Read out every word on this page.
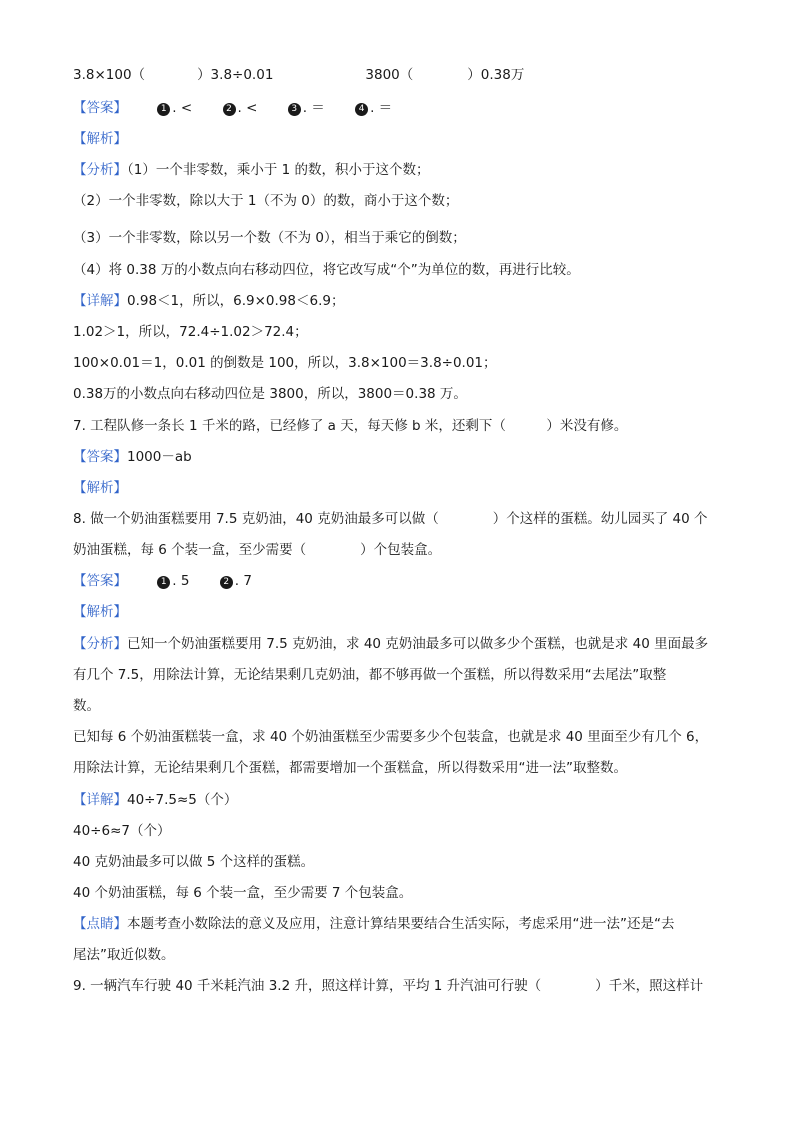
3.8×100（	）3.8÷0.01	3800（	）0.38万
【答案】	1 . <	2 . <	3 . ＝	4 . ＝
【解析】
【分析】（1）一个非零数，乘小于 1 的数，积小于这个数；
（2）一个非零数，除以大于 1（不为 0）的数，商小于这个数；
（3）一个非零数，除以另一个数（不为 0），相当于乘它的倒数；
（4）将 0.38 万的小数点向右移动四位，将它改写成“个”为单位的数，再进行比较。
【详解】0.98＜1，所以，6.9×0.98＜6.9；
1.02＞1，所以，72.4÷1.02＞72.4；
100×0.01＝1，0.01 的倒数是 100，所以，3.8×100＝3.8÷0.01；
0.38万的小数点向右移动四位是 3800，所以，3800＝0.38 万。
7. 工程队修一条长 1 千米的路，已经修了 a 天，每天修 b 米，还剩下（　　　）米没有修。
【答案】1000－ab
【解析】
8. 做一个奶油蛋糕要用 7.5 克奶油，40 克奶油最多可以做（　　　　）个这样的蛋糕。幼儿园买了 40 个
奶油蛋糕，每 6 个装一盒，至少需要（　　　　）个包装盒。
【答案】	1 . 5	2 . 7
【解析】
【分析】已知一个奶油蛋糕要用 7.5 克奶油，求 40 克奶油最多可以做多少个蛋糕，也就是求 40 里面最多
有几个 7.5，用除法计算，无论结果剩几克奶油，都不够再做一个蛋糕，所以得数采用“去尾法”取整
数。
已知每 6 个奶油蛋糕装一盒，求 40 个奶油蛋糕至少需要多少个包装盒，也就是求 40 里面至少有几个 6，
用除法计算，无论结果剩几个蛋糕，都需要增加一个蛋糕盒，所以得数采用“进一法”取整数。
【详解】40÷7.5≈5（个）
40÷6≈7（个）
40 克奶油最多可以做 5 个这样的蛋糕。
40 个奶油蛋糕，每 6 个装一盒，至少需要 7 个包装盒。
【点睛】本题考查小数除法的意义及应用，注意计算结果要结合生活实际，考虑采用“进一法”还是“去
尾法”取近似数。
9. 一辆汽车行驶 40 千米耗汽油 3.2 升，照这样计算，平均 1 升汽油可行驶（　　　　）千米，照这样计
